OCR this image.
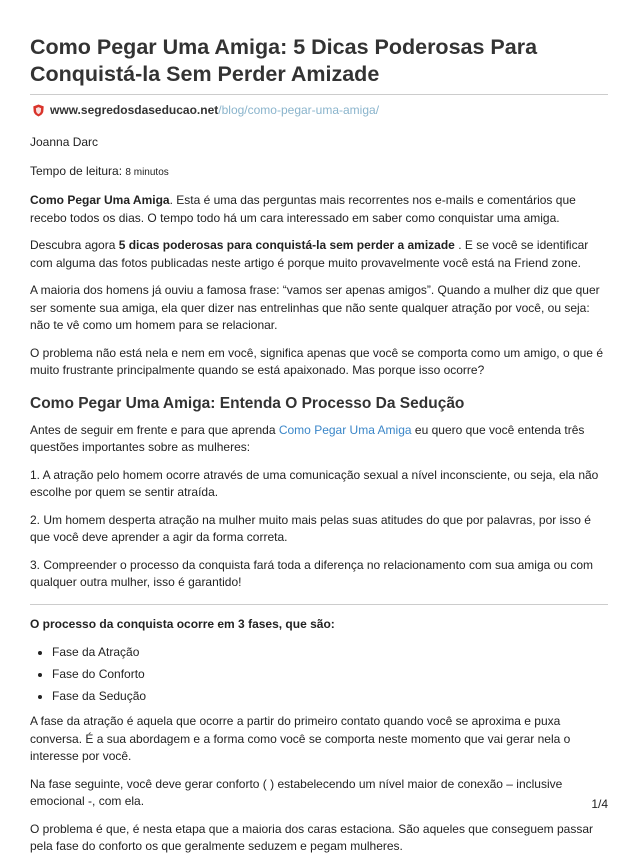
Como Pegar Uma Amiga: 5 Dicas Poderosas Para Conquistá-la Sem Perder Amizade
www.segredosdaseducao.net /blog/como-pegar-uma-amiga/

Joanna Darc

Tempo de leitura: 8 minutos

Como Pegar Uma Amiga. Esta é uma das perguntas mais recorrentes nos e-mails e comentários que recebo todos os dias. O tempo todo há um cara interessado em saber como conquistar uma amiga.

Descubra agora 5 dicas poderosas para conquistá-la sem perder a amizade . E se você se identificar com alguma das fotos publicadas neste artigo é porque muito provavelmente você está na Friend zone.

A maioria dos homens já ouviu a famosa frase: “vamos ser apenas amigos”. Quando a mulher diz que quer ser somente sua amiga, ela quer dizer nas entrelinhas que não sente qualquer atração por você, ou seja: não te vê como um homem para se relacionar.

O problema não está nela e nem em você, significa apenas que você se comporta como um amigo, o que é muito frustrante principalmente quando se está apaixonado. Mas porque isso ocorre?

Como Pegar Uma Amiga: Entenda O Processo Da Sedução

Antes de seguir em frente e para que aprenda Como Pegar Uma Amiga eu quero que você entenda três questões importantes sobre as mulheres:

1. A atração pelo homem ocorre através de uma comunicação sexual a nível inconsciente, ou seja, ela não escolhe por quem se sentir atraída.

2. Um homem desperta atração na mulher muito mais pelas suas atitudes do que por palavras, por isso é que você deve aprender a agir da forma correta.

3. Compreender o processo da conquista fará toda a diferença no relacionamento com sua amiga ou com qualquer outra mulher, isso é garantido!

O processo da conquista ocorre em 3 fases, que são:

• Fase da Atração
• Fase do Conforto
• Fase da Sedução

A fase da atração é aquela que ocorre a partir do primeiro contato quando você se aproxima e puxa conversa. É a sua abordagem e a forma como você se comporta neste momento que vai gerar nela o interesse por você.

Na fase seguinte, você deve gerar conforto ( ) estabelecendo um nível maior de conexão – inclusive emocional -, com ela.

O problema é que, é nesta etapa que a maioria dos caras estaciona. São aqueles que conseguem passar pela fase do conforto os que geralmente seduzem e pegam mulheres.

1/4
